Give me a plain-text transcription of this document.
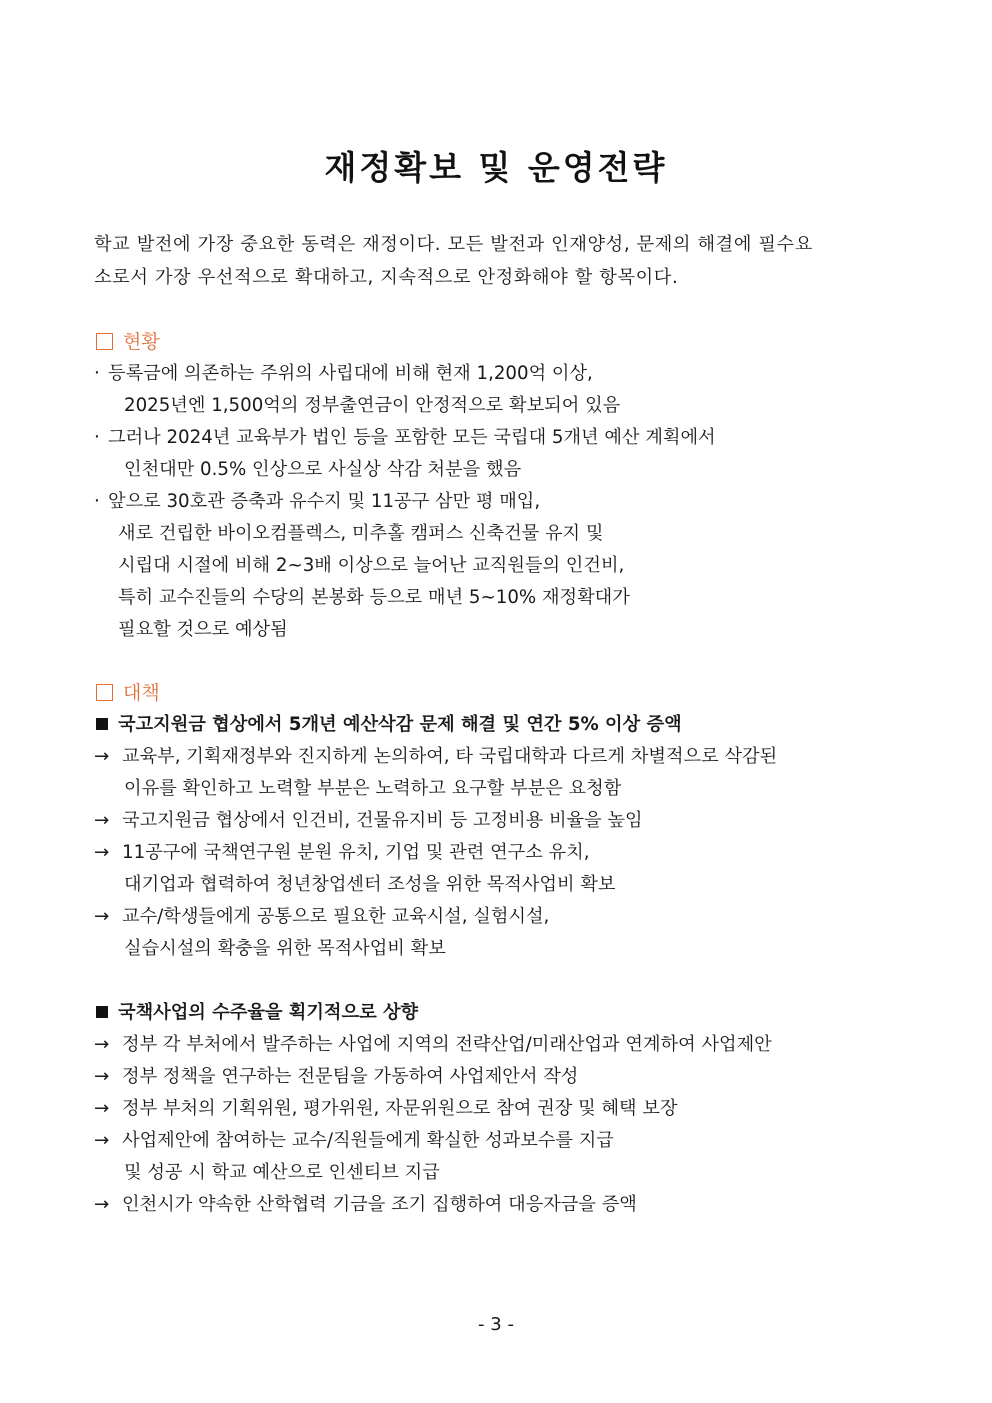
재정확보 및 운영전략
학교 발전에 가장 중요한 동력은 재정이다. 모든 발전과 인재양성, 문제의 해결에 필수요
소로서 가장 우선적으로 확대하고, 지속적으로 안정화해야 할 항목이다.
현황
· 등록금에 의존하는 주위의 사립대에 비해 현재 1,200억 이상,
2025년엔 1,500억의 정부출연금이 안정적으로 확보되어 있음
· 그러나 2024년 교육부가 법인 등을 포함한 모든 국립대 5개년 예산 계획에서
인천대만 0.5% 인상으로 사실상 삭감 처분을 했음
· 앞으로 30호관 증축과 유수지 및 11공구 삼만 평 매입,
새로 건립한 바이오컴플렉스, 미추홀 캠퍼스 신축건물 유지 및
시립대 시절에 비해 2~3배 이상으로 늘어난 교직원들의 인건비,
특히 교수진들의 수당의 본봉화 등으로 매년 5~10% 재정확대가
필요할 것으로 예상됨
대책
국고지원금 협상에서 5개년 예산삭감 문제 해결 및 연간 5% 이상 증액
→ 교육부, 기획재정부와 진지하게 논의하여, 타 국립대학과 다르게 차별적으로 삭감된
이유를 확인하고 노력할 부분은 노력하고 요구할 부분은 요청함
→ 국고지원금 협상에서 인건비, 건물유지비 등 고정비용 비율을 높임
→ 11공구에 국책연구원 분원 유치, 기업 및 관련 연구소 유치,
대기업과 협력하여 청년창업센터 조성을 위한 목적사업비 확보
→ 교수/학생들에게 공통으로 필요한 교육시설, 실험시설,
실습시설의 확충을 위한 목적사업비 확보
국책사업의 수주율을 획기적으로 상향
→ 정부 각 부처에서 발주하는 사업에 지역의 전략산업/미래산업과 연계하여 사업제안
→ 정부 정책을 연구하는 전문팀을 가동하여 사업제안서 작성
→ 정부 부처의 기획위원, 평가위원, 자문위원으로 참여 권장 및 혜택 보장
→ 사업제안에 참여하는 교수/직원들에게 확실한 성과보수를 지급
및 성공 시 학교 예산으로 인센티브 지급
→ 인천시가 약속한 산학협력 기금을 조기 집행하여 대응자금을 증액
- 3 -
